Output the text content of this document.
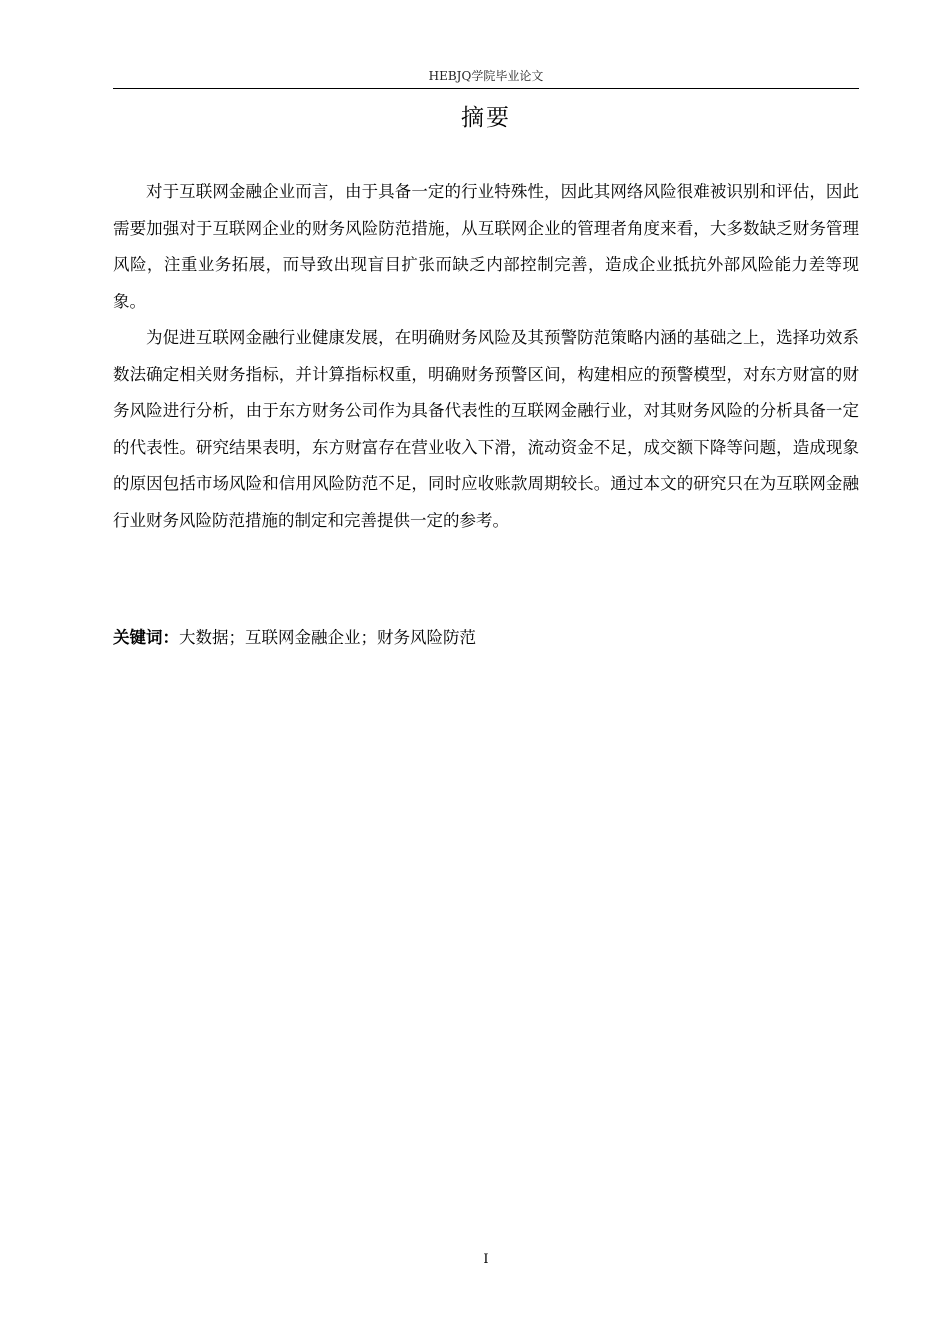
HEBJQ学院毕业论文
摘要

对于互联网金融企业而言，由于具备一定的行业特殊性，因此其网络风险很难被识别和评估，因此需要加强对于互联网企业的财务风险防范措施，从互联网企业的管理者角度来看，大多数缺乏财务管理风险，注重业务拓展，而导致出现盲目扩张而缺乏内部控制完善，造成企业抵抗外部风险能力差等现象。

为促进互联网金融行业健康发展，在明确财务风险及其预警防范策略内涵的基础之上，选择功效系数法确定相关财务指标，并计算指标权重，明确财务预警区间，构建相应的预警模型，对东方财富的财务风险进行分析，由于东方财务公司作为具备代表性的互联网金融行业，对其财务风险的分析具备一定的代表性。研究结果表明，东方财富存在营业收入下滑，流动资金不足，成交额下降等问题，造成现象的原因包括市场风险和信用风险防范不足，同时应收账款周期较长。通过本文的研究只在为互联网金融行业财务风险防范措施的制定和完善提供一定的参考。

关键词：大数据；互联网金融企业；财务风险防范
I
